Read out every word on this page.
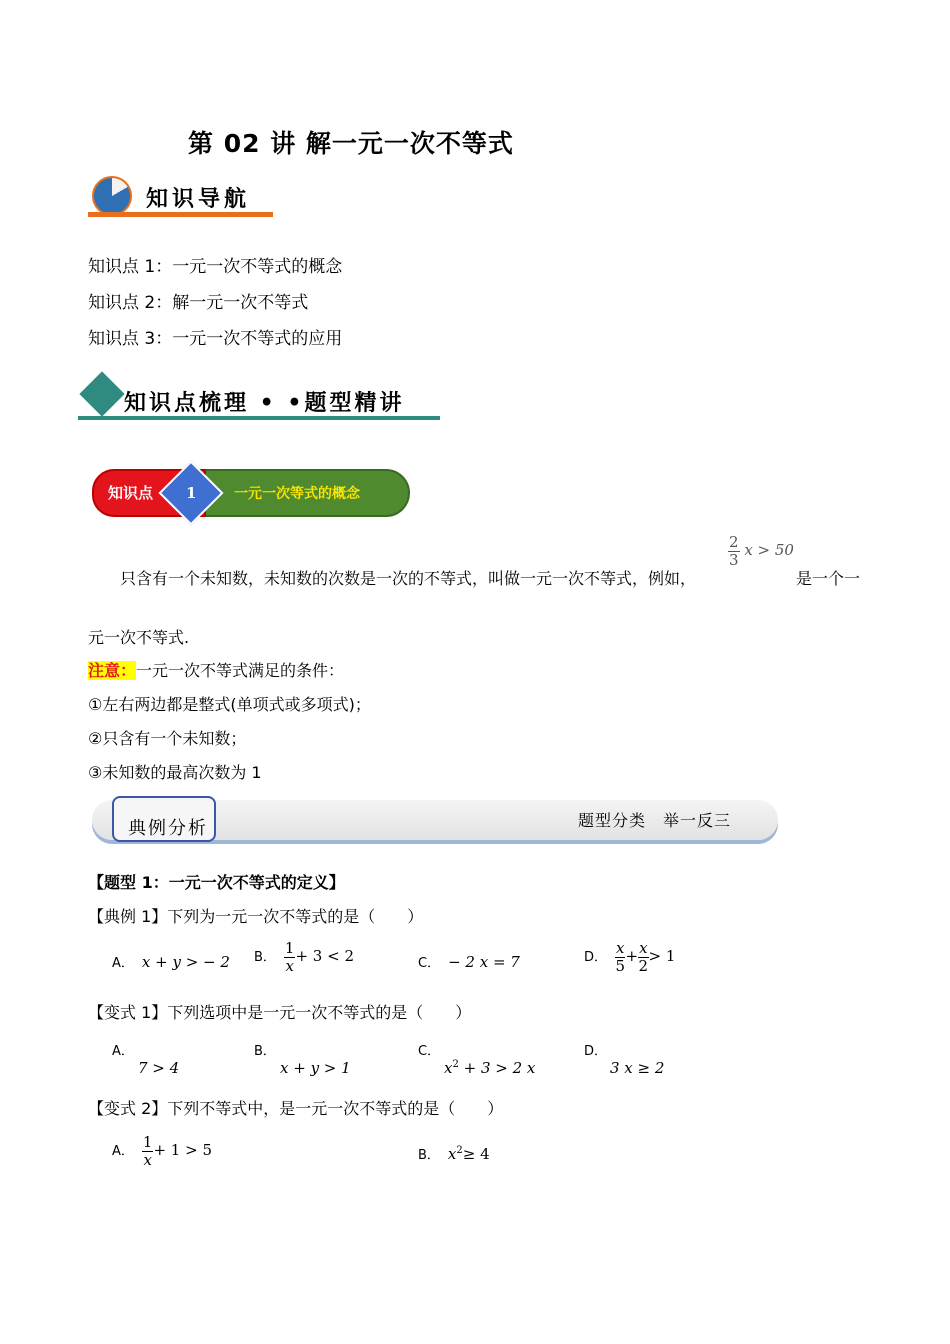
第 02 讲 解一元一次不等式
知识导航
知识点 1：一元一次不等式的概念
知识点 2：解一元一次不等式
知识点 3：一元一次不等式的应用
知识点梳理 • •题型精讲
知识点 1	一元一次等式的概念
只含有一个未知数，未知数的次数是一次的不等式，叫做一元一次不等式，例如，
$\frac{2}{3}$ x > 50
是一个一
元一次不等式.
注意：一元一次不等式满足的条件：
①左右两边都是整式(单项式或多项式)；
②只含有一个未知数；
③未知数的最高次数为 1
典例分析	题型分类　举一反三
【题型 1：一元一次不等式的定义】
【典例 1】下列为一元一次不等式的是（　　）
A． x + y > − 2 B． $\frac{1}{x} + 3 < 2$	C． − 2 x = 7	D． $\frac{x}{5} + \frac{x}{2} > 1$
【变式 1】下列选项中是一元一次不等式的是（　　）
A．
7 > 4
B．
x + y > 1
C．
$x^2 + 3 > 2$ x
D．
3 x ≥ 2
【变式 2】下列不等式中，是一元一次不等式的是（　　）
A． $\frac{1}{x} + 1 > 5$	B． $x^2\ge 4$
